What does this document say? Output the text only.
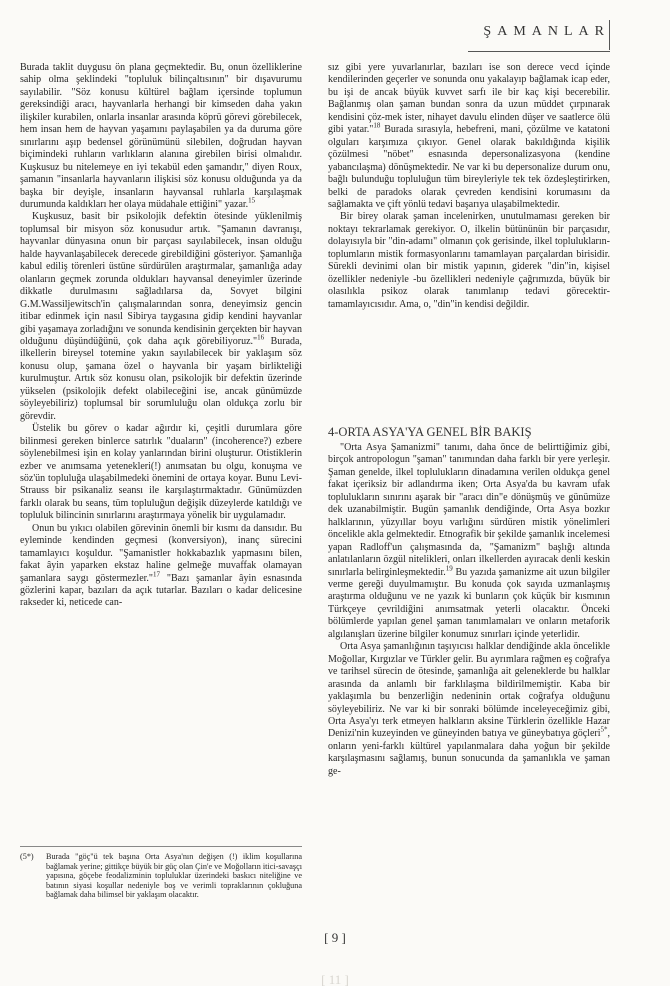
ŞAMANLAR

Burada taklit duygusu ön plana geçmektedir. Bu, onun özelliklerine sahip olma şeklindeki "topluluk bilinçaltısının" bir dışavurumu sayılabilir. "Söz konusu kültürel bağlam içersinde toplumun gereksindiği aracı, hayvanlarla herhangi bir kimseden daha yakın ilişkiler kurabilen, onlarla insanlar arasında köprü görevi görebilecek, hem insan hem de hayvan yaşamını paylaşabilen ya da duruma göre sınırlarını aşıp bedensel görünümünü silebilen, doğrudan hayvan biçimindeki ruhların varlıkların alanına girebilen birisi olmalıdır. Kuşkusuz bu nitelemeye en iyi tekabül eden şamandır," diyen Roux, şamanın "insanlarla hayvanların ilişkisi söz konusu olduğunda ya da başka bir deyişle, insanların hayvansal ruhlarla karşılaşmak durumunda kaldıkları her olaya müdahale ettiğini" yazar.$^{15}$

Kuşkusuz, basit bir psikolojik defektin ötesinde yüklenilmiş toplumsal bir misyon söz konusudur artık. "Şamanın davranışı, hayvanlar dünyasına onun bir parçası sayılabilecek, insan olduğu halde hayvanlaşabilecek derecede girebildiğini gösteriyor. Şamanlığa kabul ediliş törenleri üstüne sürdürülen araştırmalar, şamanlığa aday olanların geçmek zorunda oldukları hayvansal deneyimler üzerinde dikkatle durulmasını sağladılarsa da, Sovyet bilgini G.M.Wassiljewitsch'in çalışmalarından sonra, deneyimsiz gencin itibar edinmek için nasıl Sibirya taygasına gidip kendini hayvanlar gibi yaşamaya zorladığını ve sonunda kendisinin gerçekten bir hayvan olduğunu düşündüğünü, çok daha açık görebiliyoruz."$^{16}$ Burada, ilkellerin bireysel totemine yakın sayılabilecek bir yaklaşım söz konusu olup, şamana özel o hayvanla bir yaşam birlikteliği kurulmuştur. Artık söz konusu olan, psikolojik bir defektin üzerinde yükselen (psikolojik defekt olabileceğini ise, ancak günümüzde söyleyebiliriz) toplumsal bir sorumluluğu olan oldukça zorlu bir görevdir.

Üstelik bu görev o kadar ağırdır ki, çeşitli durumlara göre bilinmesi gereken binlerce satırlık "duaların" (incoherence?) ezbere söylenebilmesi işin en kolay yanlarından birini oluşturur. Otistiklerin ezber ve anımsama yetenekleri(!) anımsatan bu olgu, konuşma ve söz'ün topluluğa ulaşabilmedeki önemini de ortaya koyar. Bunu Levi-Strauss bir psikanaliz seansı ile karşılaştırmaktadır. Günümüzden farklı olarak bu seans, tüm topluluğun değişik düzeylerde katıldığı ve topluluk bilincinin sınırlarını araştırmaya yönelik bir uygulamadır.

Onun bu yıkıcı olabilen görevinin önemli bir kısmı da dansıdır. Bu eyleminde kendinden geçmesi (konversiyon), inanç sürecini tamamlayıcı koşuldur. "Şamanistler hokkabazlık yapmasını bilen, fakat âyin yaparken ekstaz haline gelmeğe muvaffak olamayan şamanlara saygı göstermezler."$^{17}$ "Bazı şamanlar âyin esnasında gözlerini kapar, bazıları da açık tutarlar. Bazıları o kadar delicesine rakseder ki, neticede can-

(5*)	Burada "göç"ü tek başına Orta Asya'nın değişen (!) iklim koşullarına bağlamak yerine; gittikçe büyük bir güç olan Çin'e ve Moğolların itici-savaşçı yapısına, göçebe feodalizminin topluluklar üzerindeki baskıcı niteliğine ve batının siyasi koşullar nedeniyle boş ve verimli topraklarının çokluğuna bağlamak daha bilimsel bir yaklaşım olacaktır.

sız gibi yere yuvarlanırlar, bazıları ise son derece vecd içinde kendilerinden geçerler ve sonunda onu yakalayıp bağlamak icap eder, bu işi de ancak büyük kuvvet sarfı ile bir kaç kişi becerebilir. Bağlanmış olan şaman bundan sonra da uzun müddet çırpınarak kendisini çöz-mek ister, nihayet davulu elinden düşer ve saatlerce ölü gibi yatar."$^{18}$ Burada sırasıyla, hebefreni, mani, çözülme ve katatoni olguları karşımıza çıkıyor. Genel olarak bakıldığında kişilik çözülmesi "nöbet" esnasında depersonalizasyona (kendine yabancılaşma) dönüşmektedir. Ne var ki bu depersonalize durum onu, bağlı bulunduğu topluluğun tüm bireyleriyle tek tek özdeşleştirirken, belki de paradoks olarak çevreden kendisini korumasını da sağlamakta ve çift yönlü tedavi başarıya ulaşabilmektedir.

Bir birey olarak şaman incelenirken, unutulmaması gereken bir noktayı tekrarlamak gerekiyor. O, ilkelin bütününün bir parçasıdır, dolayısıyla bir "din-adamı" olmanın çok gerisinde, ilkel toplulukların-toplumların mistik formasyonlarını tamamlayan parçalardan birisidir. Sürekli devinimi olan bir mistik yapının, giderek "din"in, kişisel özellikler nedeniyle -bu özellikleri nedeniyle çağrımızda, büyük bir olasılıkla psikoz olarak tanımlanıp tedavi görecektir- tamamlayıcısıdır. Ama, o, "din"in kendisi değildir.

4-ORTA ASYA'YA GENEL BİR BAKIŞ

"Orta Asya Şamanizmi" tanımı, daha önce de belirttiğimiz gibi, birçok antropologun "şaman" tanımından daha farklı bir yere yerleşir. Şaman genelde, ilkel toplulukların dinadamına verilen oldukça genel fakat içeriksiz bir adlandırma iken; Orta Asya'da bu kavram ufak toplulukların sınırını aşarak bir "aracı din"e dönüşmüş ve günümüze dek uzanabilmiştir. Bugün şamanlık dendiğinde, Orta Asya bozkır halklarının, yüzyıllar boyu varlığını sürdüren mistik yönelimleri öncelikle akla gelmektedir. Etnografik bir şekilde şamanlık incelemesi yapan Radloff'un çalışmasında da, "Şamanizm" başlığı altında anlatılanların özgül nitelikleri, onları ilkellerden ayıracak denli keskin sınırlarla belirginleşmektedir.$^{19}$ Bu yazıda şamanizme ait uzun bilgiler verme gereği duyulmamıştır. Bu konuda çok sayıda uzmanlaşmış araştırma olduğunu ve ne yazık ki bunların çok küçük bir kısmının Türkçeye çevrildiğini anımsatmak yeterli olacaktır. Önceki bölümlerde yapılan genel şaman tanımlamaları ve onların metaforik algılanışları üzerine bilgiler konumuz sınırları içinde yeterlidir.

Orta Asya şamanlığının taşıyıcısı halklar dendiğinde akla öncelikle Moğollar, Kırgızlar ve Türkler gelir. Bu ayrımlara rağmen eş coğrafya ve tarihsel sürecin de ötesinde, şamanlığa ait geleneklerde bu halklar arasında da anlamlı bir farklılaşma bildirilmemiştir. Kaba bir yaklaşımla bu benzerliğin nedeninin ortak coğrafya olduğunu söyleyebiliriz. Ne var ki bir sonraki bölümde inceleyeceğimiz gibi, Orta Asya'yı terk etmeyen halkların aksine Türklerin özellikle Hazar Denizi'nin kuzeyinden ve güneyinden batıya ve güneybatıya göçleri$^{5*}$, onların yeni-farklı kültürel yapılanmalara daha yoğun bir şekilde karşılaşmasını sağlamış, bunun sonucunda da şamanlıkla ve şaman ge-

[ 9 ]
[ 11 ]
